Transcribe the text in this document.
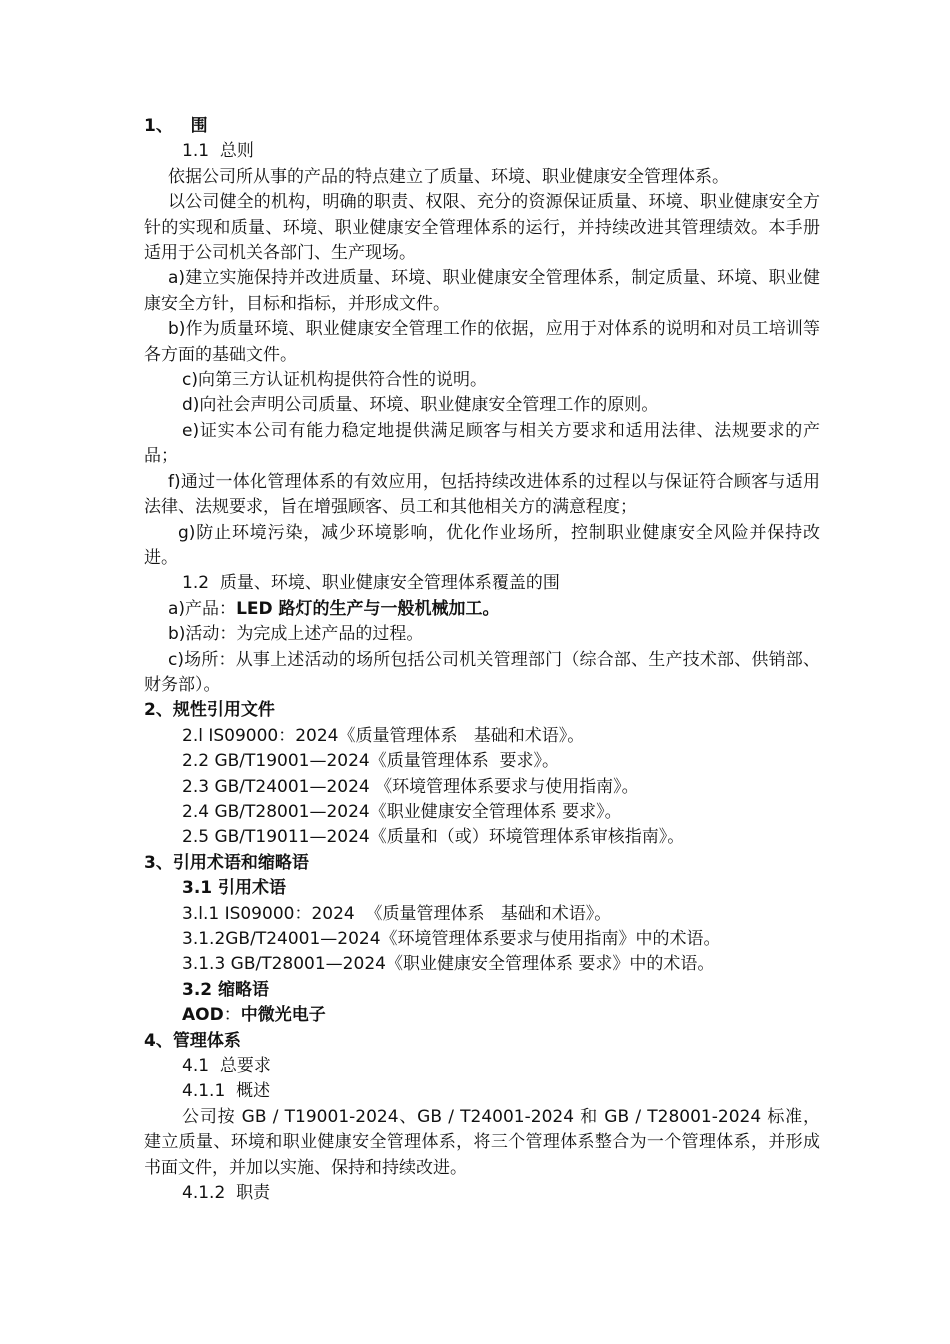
1、   围
1.1  总则
依据公司所从事的产品的特点建立了质量、环境、职业健康安全管理体系。
以公司健全的机构，明确的职责、权限、充分的资源保证质量、环境、职业健康安全方针的实现和质量、环境、职业健康安全管理体系的运行，并持续改进其管理绩效。本手册适用于公司机关各部门、生产现场。
a)建立实施保持并改进质量、环境、职业健康安全管理体系，制定质量、环境、职业健康安全方针，目标和指标，并形成文件。
b)作为质量环境、职业健康安全管理工作的依据，应用于对体系的说明和对员工培训等各方面的基础文件。
c)向第三方认证机构提供符合性的说明。
d)向社会声明公司质量、环境、职业健康安全管理工作的原则。
e)证实本公司有能力稳定地提供满足顾客与相关方要求和适用法律、法规要求的产品；
f)通过一体化管理体系的有效应用，包括持续改进体系的过程以与保证符合顾客与适用法律、法规要求，旨在增强顾客、员工和其他相关方的满意程度；
g)防止环境污染，减少环境影响，优化作业场所，控制职业健康安全风险并保持改进。
1.2  质量、环境、职业健康安全管理体系覆盖的围
a)产品：LED 路灯的生产与一般机械加工。
b)活动：为完成上述产品的过程。
c)场所：从事上述活动的场所包括公司机关管理部门（综合部、生产技术部、供销部、财务部）。
2、规性引用文件
2.l IS09000：2024《质量管理体系   基础和术语》。
2.2 GB/T19001—2024《质量管理体系  要求》。
2.3 GB/T24001—2024 《环境管理体系要求与使用指南》。
2.4 GB/T28001—2024《职业健康安全管理体系 要求》。
2.5 GB/T19011—2024《质量和（或）环境管理体系审核指南》。
3、引用术语和缩略语
3.1 引用术语
3.l.1 IS09000：2024  《质量管理体系   基础和术语》。
3.1.2GB/T24001—2024《环境管理体系要求与使用指南》中的术语。
3.1.3 GB/T28001—2024《职业健康安全管理体系 要求》中的术语。
3.2 缩略语
AOD：中微光电子
4、管理体系
4.1  总要求
4.1.1  概述
公司按 GB / T19001-2024、GB / T24001-2024 和 GB / T28001-2024 标准，建立质量、环境和职业健康安全管理体系，将三个管理体系整合为一个管理体系，并形成书面文件，并加以实施、保持和持续改进。
4.1.2  职责
